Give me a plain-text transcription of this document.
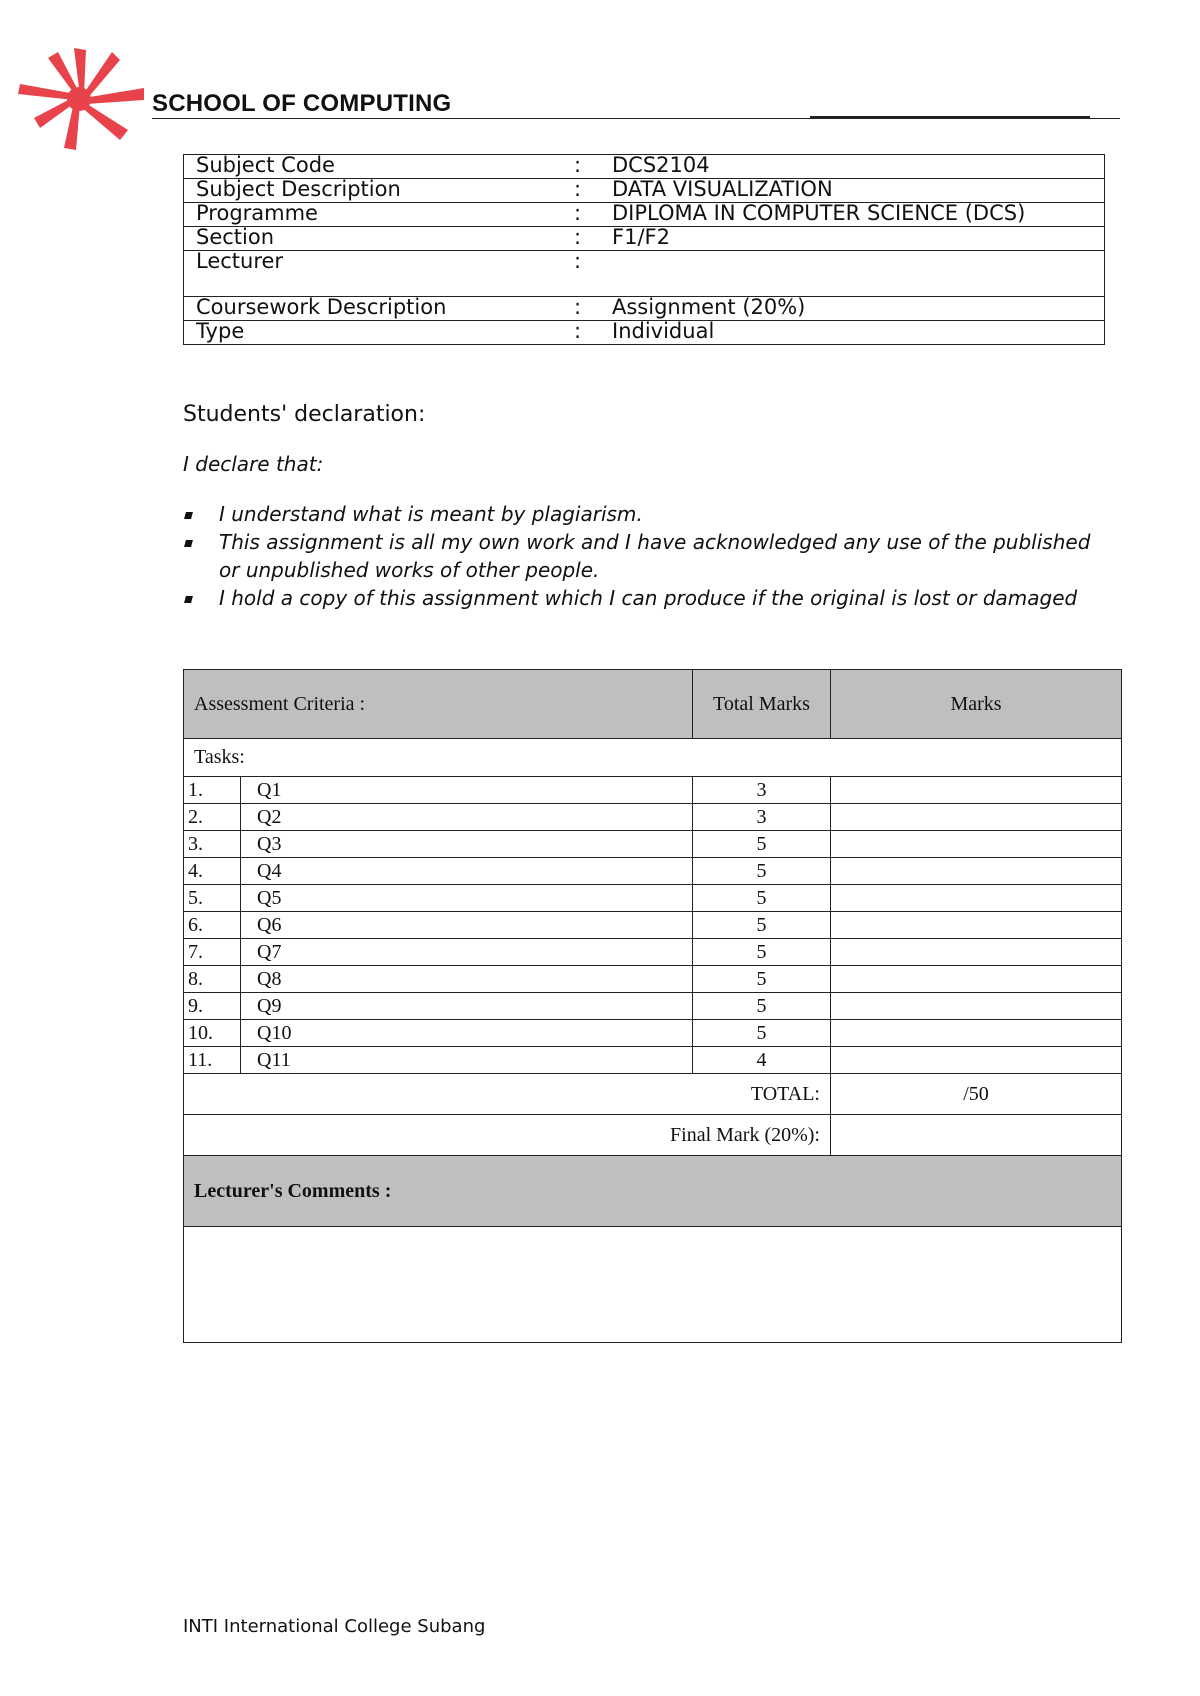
SCHOOL OF COMPUTING
Subject Code	: DCS2104
Subject Description	: DATA VISUALIZATION
Programme	: DIPLOMA IN COMPUTER SCIENCE (DCS)
Section	: F1/F2
Lecturer	:
Coursework Description	: Assignment (20%)
Type	: Individual
Students' declaration:
I declare that:
I understand what is meant by plagiarism.
This assignment is all my own work and I have acknowledged any use of the published or unpublished works of other people.
I hold a copy of this assignment which I can produce if the original is lost or damaged
Assessment Criteria :		Total Marks	Marks
Tasks:			
1.	Q1	3	
2.	Q2	3	
3.	Q3	5	
4.	Q4	5	
5.	Q5	5	
6.	Q6	5	
7.	Q7	5	
8.	Q8	5	
9.	Q9	5	
10.	Q10	5	
11.	Q11	4	
TOTAL:			/50
Final Mark (20%):			
Lecturer's Comments :			

INTI International College Subang
